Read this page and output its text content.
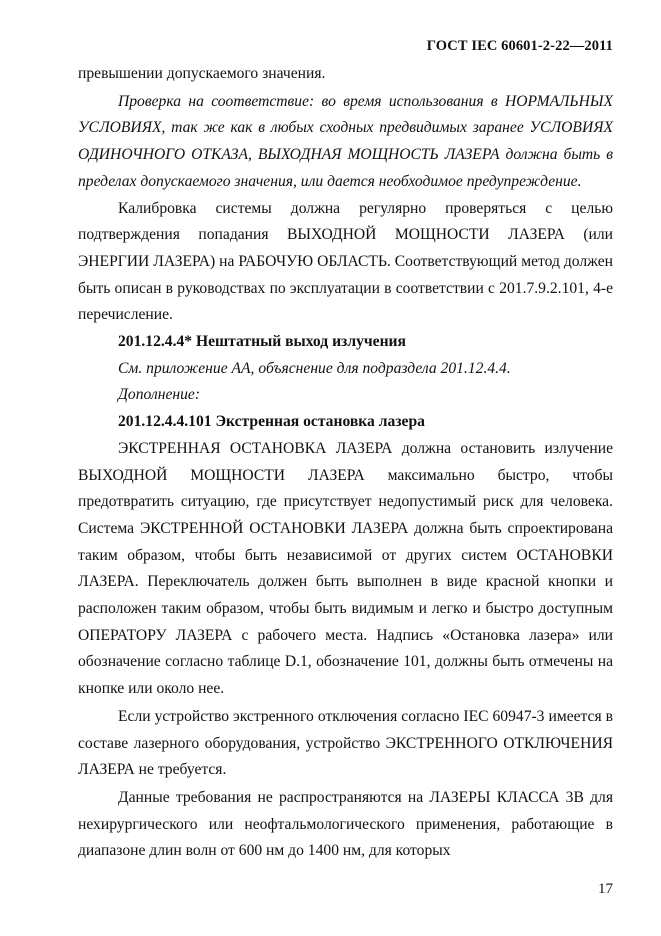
ГОСТ IEC 60601-2-22—2011

превышении допускаемого значения.

Проверка на соответствие: во время использования в НОРМАЛЬНЫХ УСЛОВИЯХ, так же как в любых сходных предвидимых заранее УСЛОВИЯХ ОДИНОЧНОГО ОТКАЗА, ВЫХОДНАЯ МОЩНОСТЬ ЛАЗЕРА должна быть в пределах допускаемого значения, или дается необходимое предупреждение.

Калибровка системы должна регулярно проверяться с целью подтверждения попадания ВЫХОДНОЙ МОЩНОСТИ ЛАЗЕРА (или ЭНЕРГИИ ЛАЗЕРА) на РАБОЧУЮ ОБЛАСТЬ. Соответствующий метод должен быть описан в руководствах по эксплуатации в соответствии с 201.7.9.2.101, 4-е перечисление.

201.12.4.4* Нештатный выход излучения

См. приложение АА, объяснение для подраздела 201.12.4.4.

Дополнение:

201.12.4.4.101 Экстренная остановка лазера

ЭКСТРЕННАЯ ОСТАНОВКА ЛАЗЕРА должна остановить излучение ВЫХОДНОЙ МОЩНОСТИ ЛАЗЕРА максимально быстро, чтобы предотвратить ситуацию, где присутствует недопустимый риск для человека. Система ЭКСТРЕННОЙ ОСТАНОВКИ ЛАЗЕРА должна быть спроектирована таким образом, чтобы быть независимой от других систем ОСТАНОВКИ ЛАЗЕРА. Переключатель должен быть выполнен в виде красной кнопки и расположен таким образом, чтобы быть видимым и легко и быстро доступным ОПЕРАТОРУ ЛАЗЕРА с рабочего места. Надпись «Остановка лазера» или обозначение согласно таблице D.1, обозначение 101, должны быть отмечены на кнопке или около нее.

Если устройство экстренного отключения согласно IEC 60947-3 имеется в составе лазерного оборудования, устройство ЭКСТРЕННОГО ОТКЛЮЧЕНИЯ ЛАЗЕРА не требуется.

Данные требования не распространяются на ЛАЗЕРЫ КЛАССА 3В для нехирургического или неофтальмологического применения, работающие в диапазоне длин волн от 600 нм до 1400 нм, для которых

17
